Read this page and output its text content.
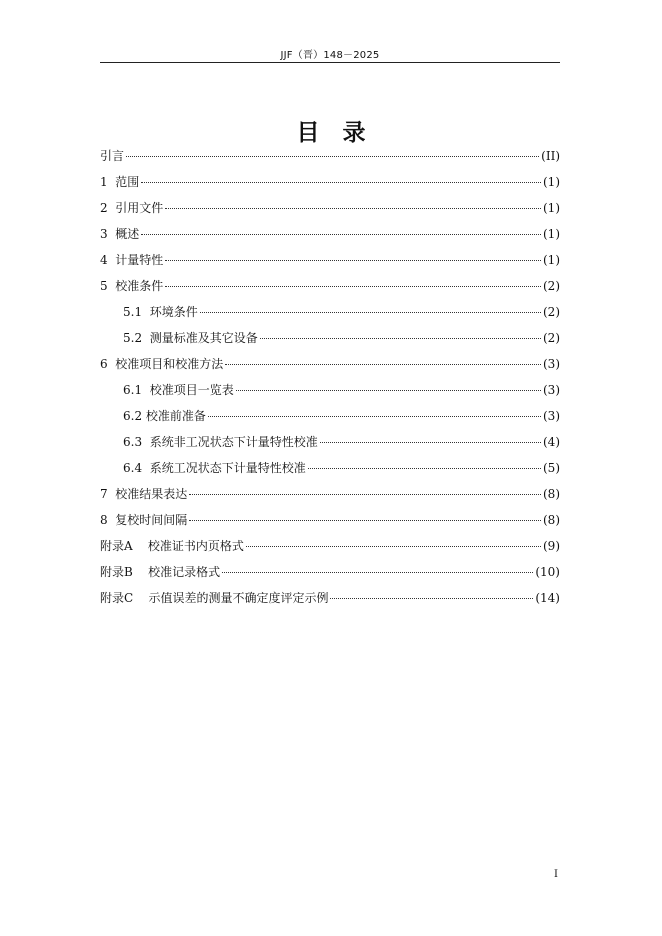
JJF（晋）148－2025
目　录
引言	(II)
1  范围	(1)
2  引用文件	(1)
3  概述	(1)
4  计量特性	(1)
5  校准条件	(2)
5.1  环境条件	(2)
5.2  测量标准及其它设备	(2)
6  校准项目和校准方法	(3)
6.1  校准项目一览表	(3)
6.2 校准前准备	(3)
6.3  系统非工况状态下计量特性校准	(4)
6.4  系统工况状态下计量特性校准	(5)
7  校准结果表达	(8)
8  复校时间间隔	(8)
附录A    校准证书内页格式	(9)
附录B    校准记录格式	(10)
附录C    示值误差的测量不确定度评定示例	(14)
I
